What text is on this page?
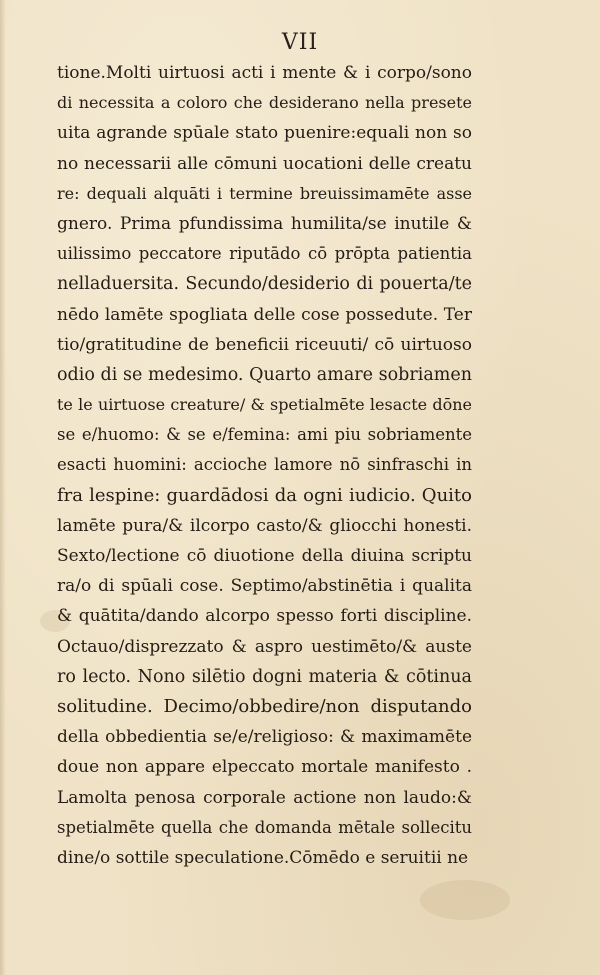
VII
tione.Molti uirtuosi acti i mente & i corpo/sono
di necessita a coloro che desiderano nella presete
uita agrande spūale stato puenire:equali non so
no necessarii alle cōmuni uocationi delle creatu
re: dequali alquāti i termine breuissimamēte asse
gnero. Prima pfundissima humilita/se inutile &
uilissimo peccatore riputādo cō prōpta patientia
nelladuersita. Secundo/desiderio di pouerta/te
nēdo lamēte spogliata delle cose possedute. Ter
tio/gratitudine de beneficii riceuuti/ cō uirtuoso
odio di se medesimo. Quarto amare sobriamen
te le uirtuose creature/ & spetialmēte lesacte dōne
se e/huomo: & se e/femina: ami piu sobriamente
esacti huomini: accioche lamore nō sinfraschi in
fra lespine: guardādosi da ogni iudicio. Quito
lamēte pura/& ilcorpo casto/& gliocchi honesti.
Sexto/lectione cō diuotione della diuina scriptu
ra/o di spūali cose. Septimo/abstinētia i qualita
& quātita/dando alcorpo spesso forti discipline.
Octauo/disprezzato & aspro uestimēto/& auste
ro lecto. Nono silētio dogni materia & cōtinua
solitudine. Decimo/obbedire/non disputando
della obbedientia se/e/religioso: & maximamēte
doue non appare elpeccato mortale manifesto .
Lamolta penosa corporale actione non laudo:&
spetialmēte quella che domanda mētale sollecitu
dine/o sottile speculatione.Cōmēdo e seruitii ne
